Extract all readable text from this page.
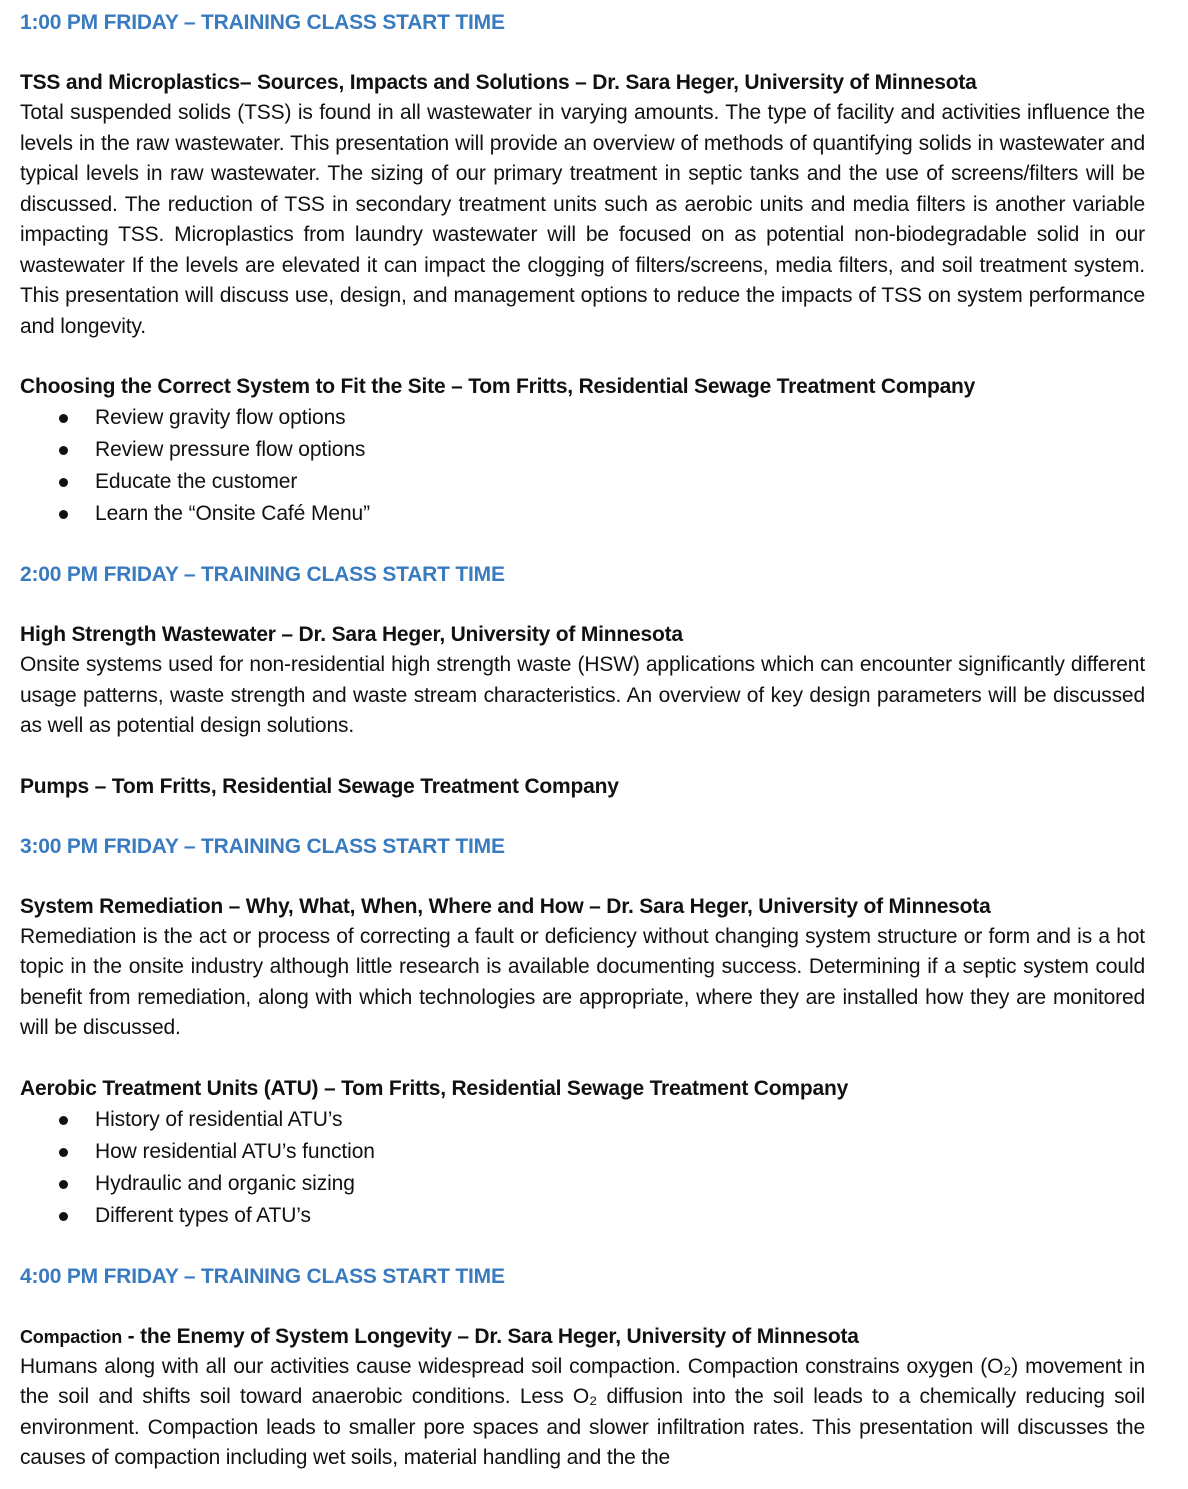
1:00 PM FRIDAY – TRAINING CLASS START TIME

TSS and Microplastics– Sources, Impacts and Solutions – Dr. Sara Heger, University of Minnesota

Total suspended solids (TSS) is found in all wastewater in varying amounts. The type of facility and activities influence the levels in the raw wastewater. This presentation will provide an overview of methods of quantifying solids in wastewater and typical levels in raw wastewater. The sizing of our primary treatment in septic tanks and the use of screens/filters will be discussed. The reduction of TSS in secondary treatment units such as aerobic units and media filters is another variable impacting TSS. Microplastics from laundry wastewater will be focused on as potential non-biodegradable solid in our wastewater If the levels are elevated it can impact the clogging of filters/screens, media filters, and soil treatment system. This presentation will discuss use, design, and management options to reduce the impacts of TSS on system performance and longevity.

Choosing the Correct System to Fit the Site – Tom Fritts, Residential Sewage Treatment Company

Review gravity flow options
Review pressure flow options
Educate the customer
Learn the “Onsite Café Menu”

2:00 PM FRIDAY – TRAINING CLASS START TIME

High Strength Wastewater – Dr. Sara Heger, University of Minnesota

Onsite systems used for non-residential high strength waste (HSW) applications which can encounter significantly different usage patterns, waste strength and waste stream characteristics. An overview of key design parameters will be discussed as well as potential design solutions.

Pumps – Tom Fritts, Residential Sewage Treatment Company

3:00 PM FRIDAY – TRAINING CLASS START TIME

System Remediation – Why, What, When, Where and How – Dr. Sara Heger, University of Minnesota

Remediation is the act or process of correcting a fault or deficiency without changing system structure or form and is a hot topic in the onsite industry although little research is available documenting success. Determining if a septic system could benefit from remediation, along with which technologies are appropriate, where they are installed how they are monitored will be discussed.

Aerobic Treatment Units (ATU) – Tom Fritts, Residential Sewage Treatment Company

History of residential ATU’s
How residential ATU’s function
Hydraulic and organic sizing
Different types of ATU’s

4:00 PM FRIDAY – TRAINING CLASS START TIME

Compaction - the Enemy of System Longevity – Dr. Sara Heger, University of Minnesota

Humans along with all our activities cause widespread soil compaction. Compaction constrains oxygen (O₂) movement in the soil and shifts soil toward anaerobic conditions. Less O₂ diffusion into the soil leads to a chemically reducing soil environment. Compaction leads to smaller pore spaces and slower infiltration rates. This presentation will discusses the causes of compaction including wet soils, material handling and the the
